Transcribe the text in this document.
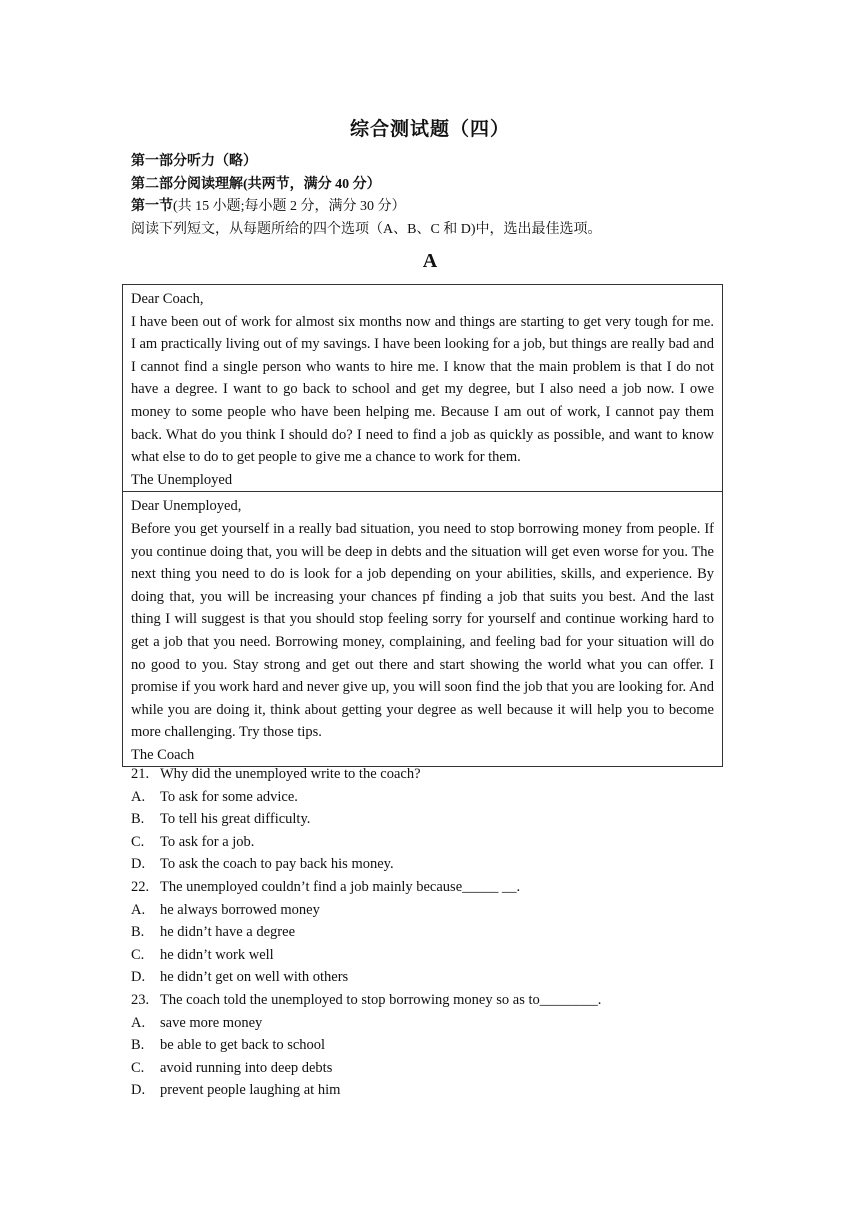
综合测试题（四）
第一部分听力（略）
第二部分阅读理解(共两节，满分 40 分）
第一节(共 15 小题;每小题 2 分，满分 30 分）
阅读下列短文，从每题所给的四个选项（A、B、C 和 D)中，选出最佳选项。
A

Dear Coach,

I have been out of work for almost six months now and things are starting to get very tough for me. I am practically living out of my savings. I have been looking for a job, but things are really bad and I cannot find a single person who wants to hire me. I know that the main problem is that I do not have a degree. I want to go back to school and get my degree, but I also need a job now. I owe money to some people who have been helping me. Because I am out of work, I cannot pay them back. What do you think I should do? I need to find a job as quickly as possible, and want to know what else to do to get people to give me a chance to work for them.

The Unemployed

Dear Unemployed,

Before you get yourself in a really bad situation, you need to stop borrowing money from people. If you continue doing that, you will be deep in debts and the situation will get even worse for you. The next thing you need to do is look for a job depending on your abilities, skills, and experience. By doing that, you will be increasing your chances pf finding a job that suits you best. And the last thing I will suggest is that you should stop feeling sorry for yourself and continue working hard to get a job that you need. Borrowing money, complaining, and feeling bad for your situation will do no good to you. Stay strong and get out there and start showing the world what you can offer. I promise if you work hard and never give up, you will soon find the job that you are looking for. And while you are doing it, think about getting your degree as well because it will help you to become more challenging. Try those tips.

The Coach

21. Why did the unemployed write to the coach?
A.	To ask for some advice.
B.	To tell his great difficulty.
C.	To ask for a job.
D.	To ask the coach to pay back his money.
22. The unemployed couldn’t find a job mainly because_____ __.
A.	he always borrowed money
B.	he didn’t have a degree
C.	he didn’t work well
D.	he didn’t get on well with others
23. The coach told the unemployed to stop borrowing money so as to________.
A.	save more money
B.	be able to get back to school
C.	avoid running into deep debts
D.	prevent people laughing at him
